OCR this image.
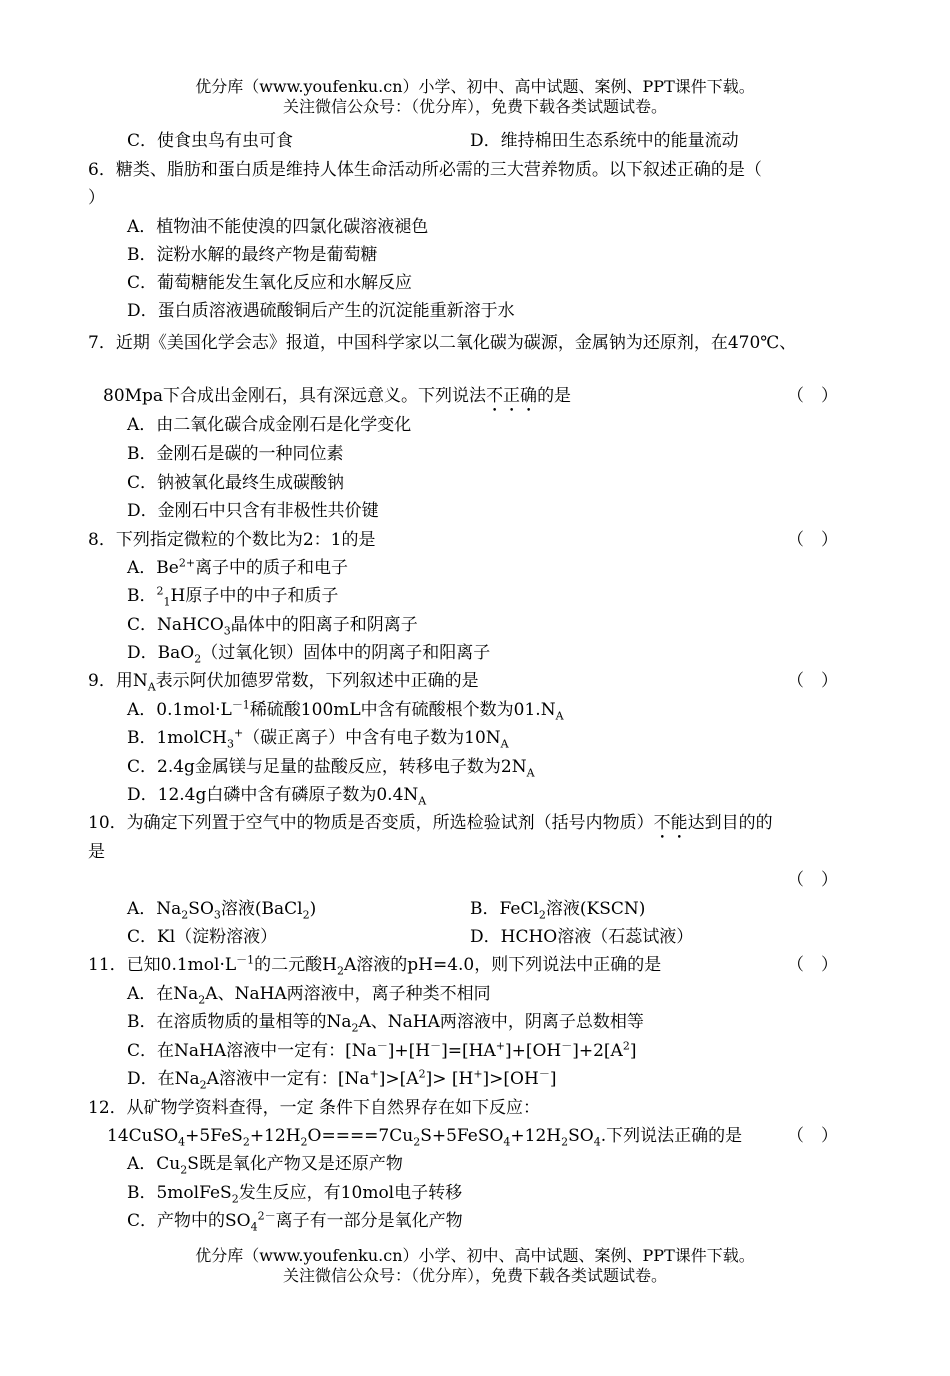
优分库（www.youfenku.cn）小学、初中、高中试题、案例、PPT课件下载。
关注微信公众号：（优分库），免费下载各类试题试卷。
C．使食虫鸟有虫可食	D．维持棉田生态系统中的能量流动
6．糖类、脂肪和蛋白质是维持人体生命活动所必需的三大营养物质。以下叙述正确的是（
）
A．植物油不能使溴的四氯化碳溶液褪色
B．淀粉水解的最终产物是葡萄糖
C．葡萄糖能发生氧化反应和水解反应
D．蛋白质溶液遇硫酸铜后产生的沉淀能重新溶于水
7．近期《美国化学会志》报道，中国科学家以二氧化碳为碳源，金属钠为还原剂，在470℃、
80Mpa下合成出金刚石，具有深远意义。下列说法不正确的是	（　）
A．由二氧化碳合成金刚石是化学变化
B．金刚石是碳的一种同位素
C．钠被氧化最终生成碳酸钠
D．金刚石中只含有非极性共价键
8．下列指定微粒的个数比为2：1的是	（　）
A．$Be^{2+}$离子中的质子和电子
B．$^2_1$H原子中的中子和质子
C．NaHCO$_3$晶体中的阳离子和阴离子
D．BaO$_2$（过氧化钡）固体中的阴离子和阳离子
9．用$N_A$表示阿伏加德罗常数，下列叙述中正确的是	（　）
A．$0.1mol\cdot L^{-1}$稀硫酸100mL中含有硫酸根个数为$01.N_A$
B．1molCH$_3$+（碳正离子）中含有电子数为$10N_A$
C．2.4g金属镁与足量的盐酸反应，转移电子数为$2N_A$
D．12.4g白磷中含有磷原子数为$0.4N_A$
10．为确定下列置于空气中的物质是否变质，所选检验试剂（括号内物质）不能达到目的的
是
（　）
A．$Na_2SO_3$溶液(BaCl$_2$)	B．FeCl$_2$溶液(KSCN)
C．Kl（淀粉溶液）	D．HCHO溶液（石蕊试液）
11．已知$0.1mol\cdot L^{-1}$的二元酸$H_2A$溶液的pH=4.0，则下列说法中正确的是	（　）
A．在$Na_2A$、NaHA两溶液中，离子种类不相同
B．在溶质物质的量相等的$Na_2A$、NaHA两溶液中，阴离子总数相等
C．在NaHA溶液中一定有：$[Na^-]+[H^-]=[HA^+]+[OH^-]+2[A^2]$
D．在$Na_2A$溶液中一定有：$[Na^+]>[A^2]> [H^+]>[OH^-]$
12．从矿物学资料查得，一定 条件下自然界存在如下反应：
$14CuSO_4+5FeS_2+12H_2O====7Cu_2S+5FeSO_4+12H_2SO_4$.下列说法正确的是	（　）
A．$Cu_2S$既是氧化产物又是还原产物
B．5molFeS$_2$发生反应，有10mol电子转移
C．产物中的$SO_4^{2-}$离子有一部分是氧化产物
优分库（www.youfenku.cn）小学、初中、高中试题、案例、PPT课件下载。
关注微信公众号：（优分库），免费下载各类试题试卷。
